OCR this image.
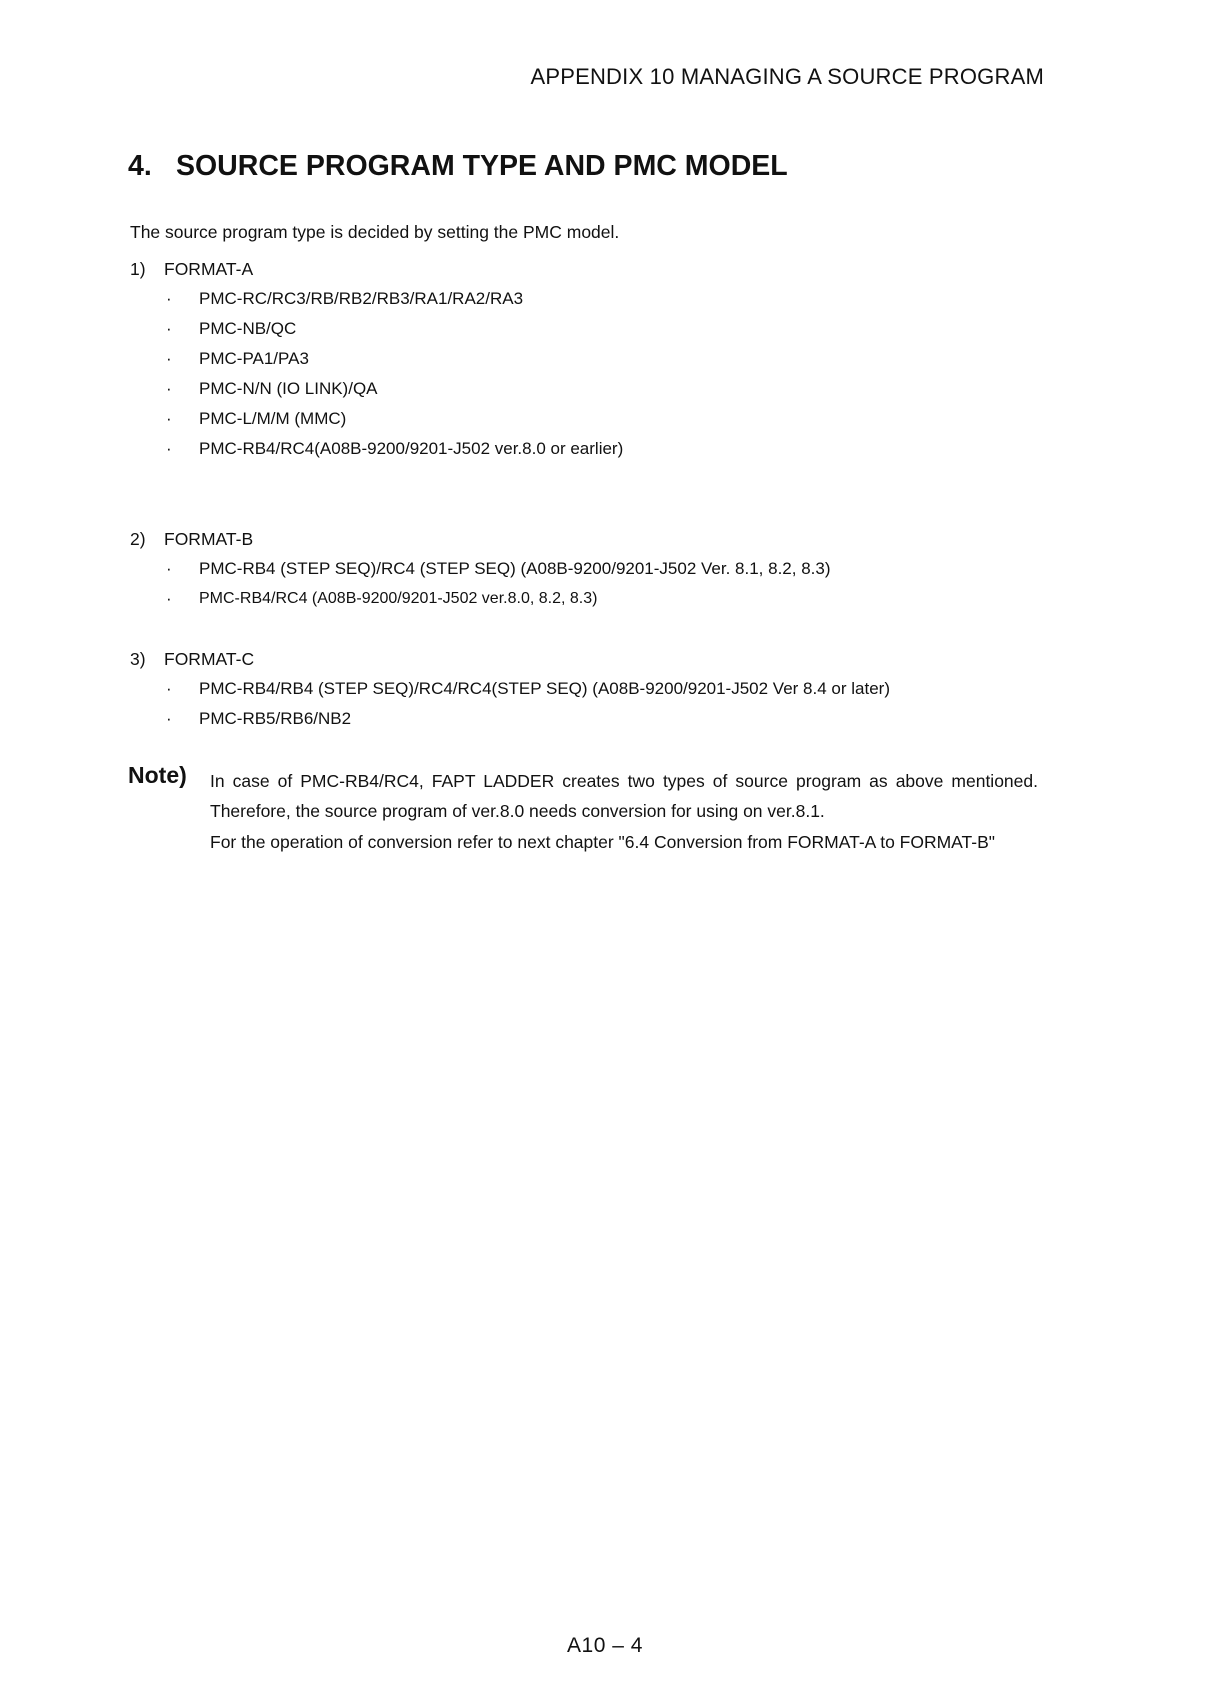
APPENDIX 10 MANAGING A SOURCE PROGRAM
4. SOURCE PROGRAM TYPE AND PMC MODEL
The source program type is decided by setting the PMC model.
1) FORMAT-A
· PMC-RC/RC3/RB/RB2/RB3/RA1/RA2/RA3
· PMC-NB/QC
· PMC-PA1/PA3
· PMC-N/N (IO LINK)/QA
· PMC-L/M/M (MMC)
· PMC-RB4/RC4(A08B-9200/9201-J502 ver.8.0 or earlier)
2) FORMAT-B
· PMC-RB4 (STEP SEQ)/RC4 (STEP SEQ) (A08B-9200/9201-J502 Ver. 8.1, 8.2, 8.3)
· PMC-RB4/RC4 (A08B-9200/9201-J502 ver.8.0, 8.2, 8.3)
3) FORMAT-C
· PMC-RB4/RB4 (STEP SEQ)/RC4/RC4(STEP SEQ) (A08B-9200/9201-J502 Ver 8.4 or later)
· PMC-RB5/RB6/NB2
Note) In case of PMC-RB4/RC4, FAPT LADDER creates two types of source program as above mentioned. Therefore, the source program of ver.8.0 needs conversion for using on ver.8.1.

For the operation of conversion refer to next chapter "6.4 Conversion from FORMAT-A to FORMAT-B"

A10 – 4
